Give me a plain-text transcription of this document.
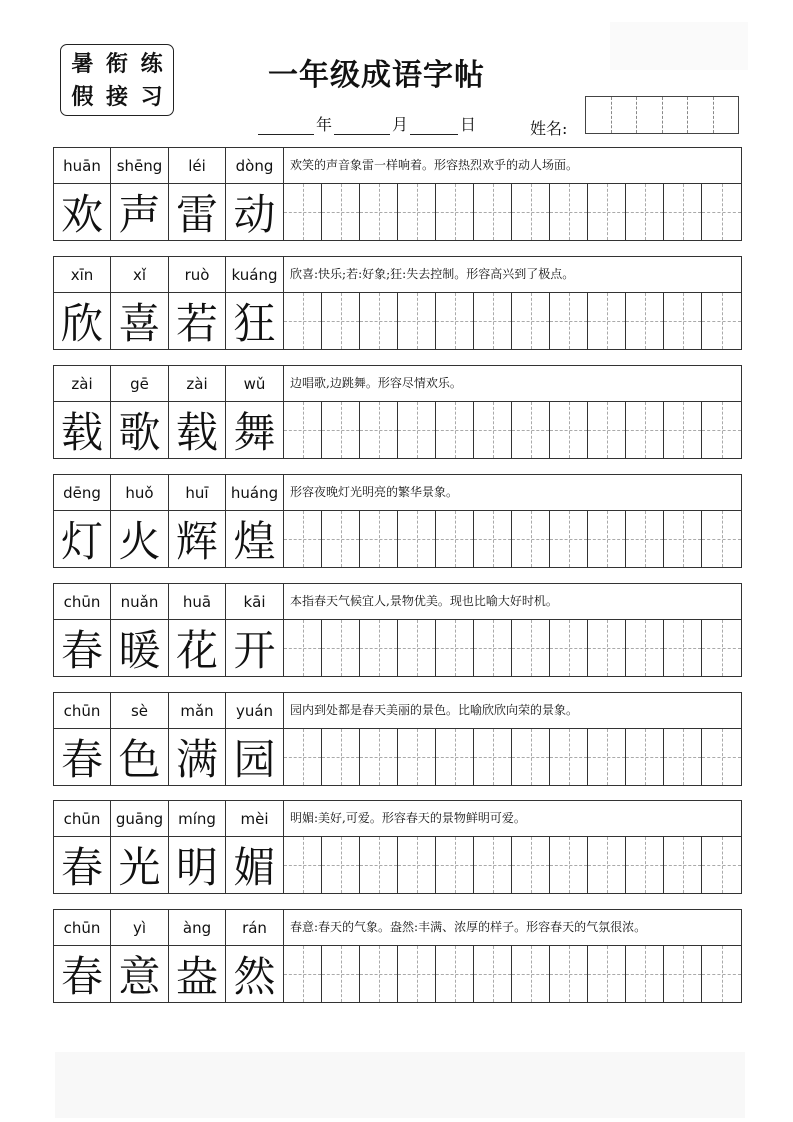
暑 衔 练
假 接 习
一年级成语字帖
年	月	日	姓名:
huān	shēng	léi	dòng	欢笑的声音象雷一样响着。形容热烈欢乎的动人场面。
欢 声 雷 动
xīn	xǐ	ruò	kuáng	欣喜:快乐;若:好象;狂:失去控制。形容高兴到了极点。
欣 喜 若 狂
zài	gē	zài	wǔ	边唱歌,边跳舞。形容尽情欢乐。
载 歌 载 舞
dēng	huǒ	huī	huáng 形容夜晚灯光明亮的繁华景象。
灯 火 辉 煌
chūn	nuǎn	huā	kāi	本指春天气候宜人,景物优美。现也比喻大好时机。
春 暖 花 开
chūn	sè	mǎn	yuán	园内到处都是春天美丽的景色。比喻欣欣向荣的景象。
春 色 满 园
chūn	guāng míng	mèi	明媚:美好,可爱。形容春天的景物鲜明可爱。
春 光 明 媚
chūn	yì	àng	rán	春意:春天的气象。盎然:丰满、浓厚的样子。形容春天的气氛很浓。
春 意 盎 然
